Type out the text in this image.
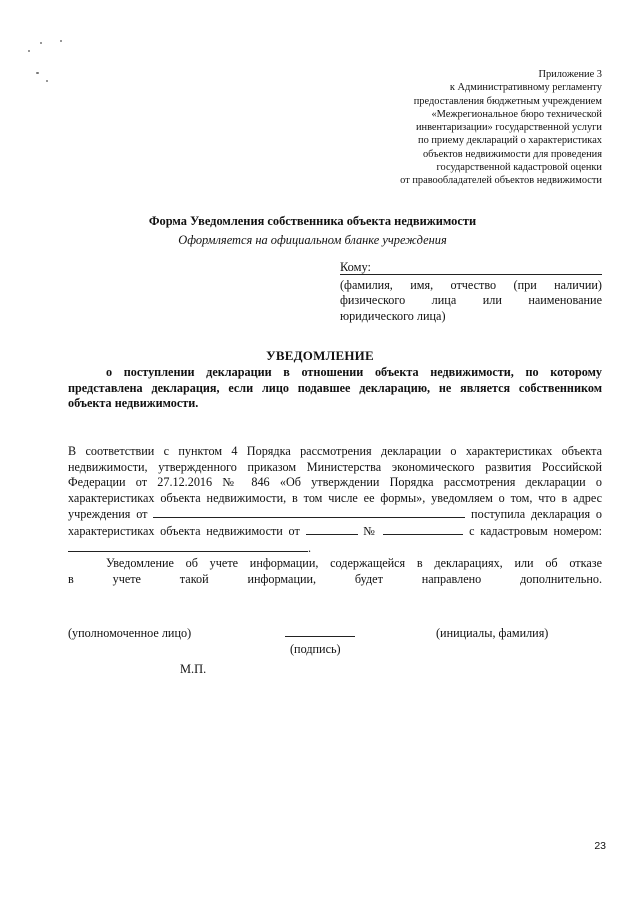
Приложение 3
к Административному регламенту
предоставления бюджетным учреждением
«Межрегиональное бюро технической
инвентаризации» государственной услуги
по приему деклараций о характеристиках
объектов недвижимости для проведения
государственной кадастровой оценки
от правообладателей объектов недвижимости
Форма Уведомления собственника объекта недвижимости
Оформляется на официальном бланке учреждения
Кому:
(фамилия, имя, отчество (при наличии)
физического лица или наименование
юридического лица)
УВЕДОМЛЕНИЕ
о поступлении декларации в отношении объекта недвижимости, по которому
представлена декларация, если лицо подавшее декларацию, не является собственником
объекта недвижимости.
В соответствии с пунктом 4 Порядка рассмотрения декларации о характеристиках объекта
недвижимости, утвержденного приказом Министерства экономического развития Российской
Федерации от 27.12.2016 № 846 «Об утверждении Порядка рассмотрения декларации о
характеристиках объекта недвижимости, в том числе ее формы», уведомляем о том, что в адрес
учреждения от	поступила декларация о
характеристиках объекта недвижимости от	№	с кадастровым номером:
.
Уведомление об учете информации, содержащейся в декларациях, или об отказе
в учете такой информации, будет направлено дополнительно.
(уполномоченное лицо)
(подпись)
(инициалы, фамилия)
М.П.
23
